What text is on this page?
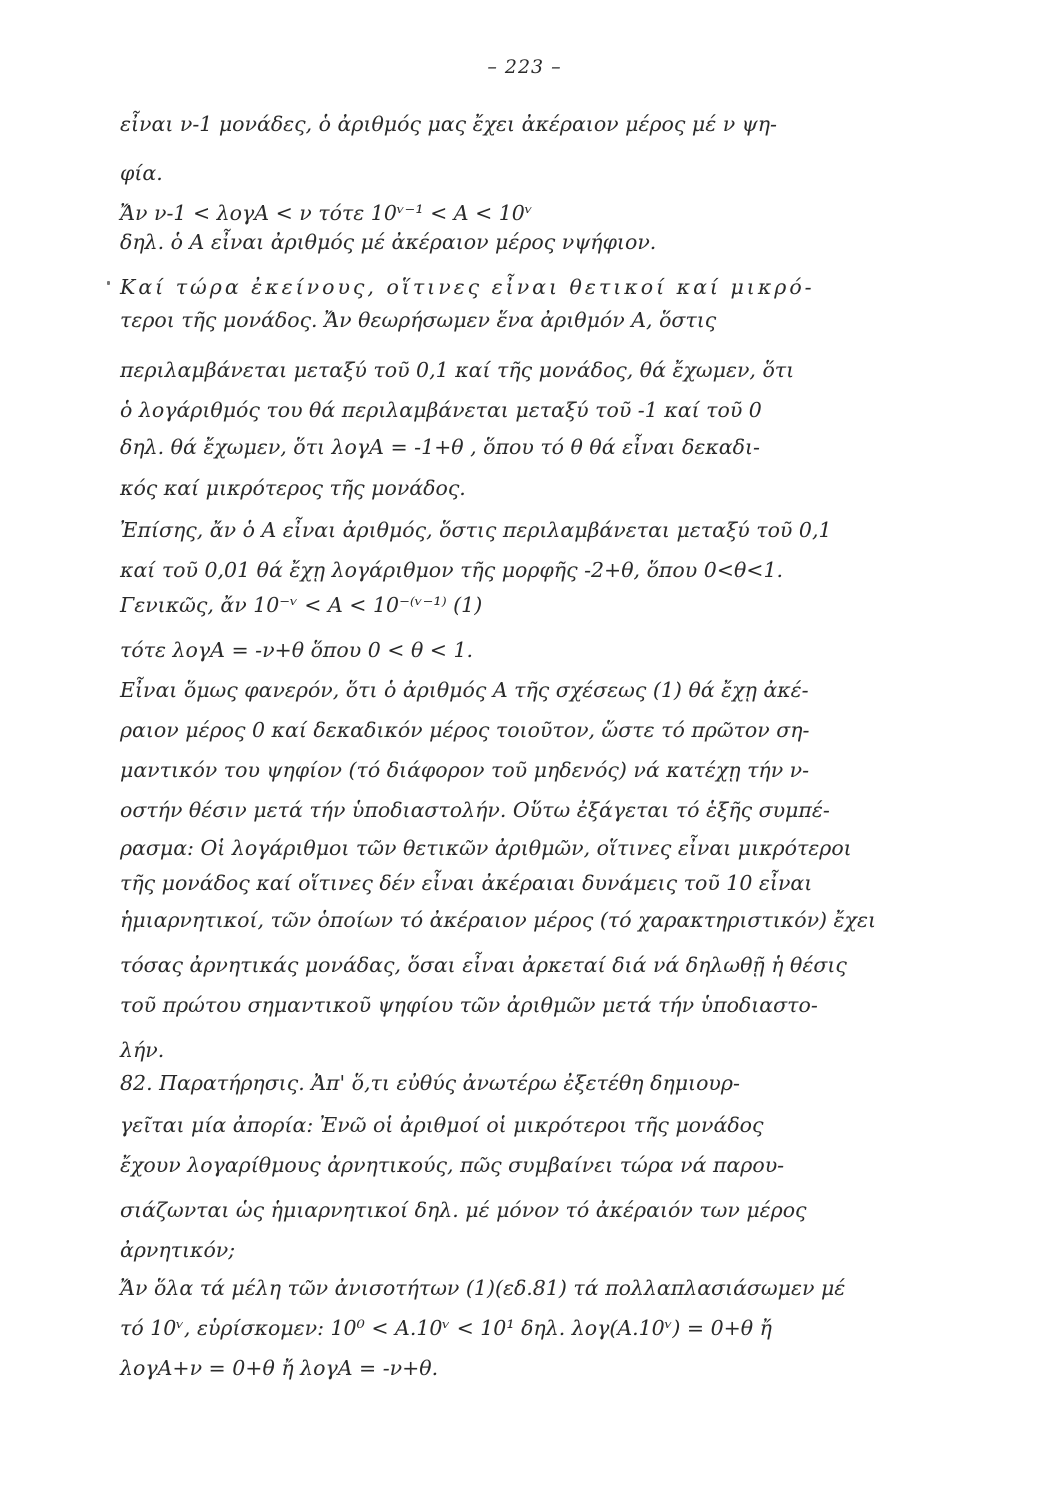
– 223 –
εἶναι ν-1 μονάδες, ὁ ἀριθμός μας ἔχει ἀκέραιον μέρος μέ ν ψη-
φία.
Ἄν ν-1 < λογΑ < ν τότε 10ᵛ⁻¹ < Α < 10ᵛ
δηλ. ὁ Α εἶναι ἀριθμός μέ ἀκέραιον μέρος νψήφιον.
Καί τώρα ἐκείνους, οἵτινες εἶναι θετικοί καί μικρό-
τεροι τῆς μονάδος. Ἄν θεωρήσωμεν ἕνα ἀριθμόν Α, ὅστις
περιλαμβάνεται μεταξύ τοῦ 0,1 καί τῆς μονάδος, θά ἔχωμεν, ὅτι
ὁ λογάριθμός του θά περιλαμβάνεται μεταξύ τοῦ -1 καί τοῦ 0
δηλ. θά ἔχωμεν, ὅτι λογΑ = -1+θ , ὅπου τό θ θά εἶναι δεκαδι-
κός καί μικρότερος τῆς μονάδος.
Ἐπίσης, ἄν ὁ Α εἶναι ἀριθμός, ὅστις περιλαμβάνεται μεταξύ τοῦ 0,1
καί τοῦ 0,01 θά ἔχῃ λογάριθμον τῆς μορφῆς -2+θ, ὅπου 0<θ<1.
Γενικῶς, ἄν 10⁻ᵛ < Α < 10⁻⁽ᵛ⁻¹⁾ (1)
τότε λογΑ = -ν+θ ὅπου 0 < θ < 1.
Εἶναι ὅμως φανερόν, ὅτι ὁ ἀριθμός Α τῆς σχέσεως (1) θά ἔχῃ ἀκέ-
ραιον μέρος 0 καί δεκαδικόν μέρος τοιοῦτον, ὥστε τό πρῶτον ση-
μαντικόν του ψηφίον (τό διάφορον τοῦ μηδενός) νά κατέχῃ τήν ν-
οστήν θέσιν μετά τήν ὑποδιαστολήν. Οὕτω ἐξάγεται τό ἑξῆς συμπέ-
ρασμα: Οἱ λογάριθμοι τῶν θετικῶν ἀριθμῶν, οἵτινες εἶναι μικρότεροι
τῆς μονάδος καί οἵτινες δέν εἶναι ἀκέραιαι δυνάμεις τοῦ 10 εἶναι
ἡμιαρνητικοί, τῶν ὁποίων τό ἀκέραιον μέρος (τό χαρακτηριστικόν) ἔχει
τόσας ἀρνητικάς μονάδας, ὅσαι εἶναι ἀρκεταί διά νά δηλωθῇ ἡ θέσις
τοῦ πρώτου σημαντικοῦ ψηφίου τῶν ἀριθμῶν μετά τήν ὑποδιαστο-
λήν.
82. Παρατήρησις. Ἀπ' ὅ,τι εὐθύς ἀνωτέρω ἐξετέθη δημιουρ-
γεῖται μία ἀπορία: Ἐνῶ οἱ ἀριθμοί οἱ μικρότεροι τῆς μονάδος
ἔχουν λογαρίθμους ἀρνητικούς, πῶς συμβαίνει τώρα νά παρου-
σιάζωνται ὡς ἡμιαρνητικοί δηλ. μέ μόνον τό ἀκέραιόν των μέρος
ἀρνητικόν;
Ἄν ὅλα τά μέλη τῶν ἀνισοτήτων (1)(εδ.81) τά πολλαπλασιάσωμεν μέ
τό 10ᵛ, εὑρίσκομεν: 10⁰ < Α.10ᵛ < 10¹ δηλ. λογ(Α.10ᵛ) = 0+θ ἤ
λογΑ+ν = 0+θ ἤ λογΑ = -ν+θ.
